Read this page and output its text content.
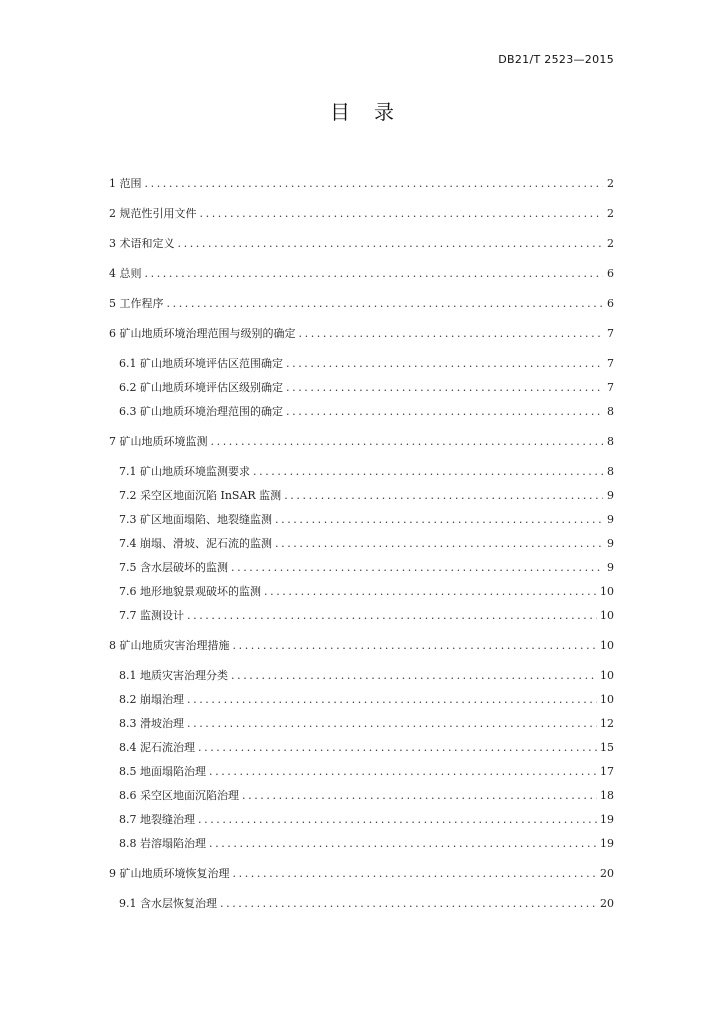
DB21/T 2523—2015
目录
1 范围 .....	2
2 规范性引用文件 .....	2
3 术语和定义 .....	2
4 总则 .....	6
5 工作程序 .....	6
6 矿山地质环境治理范围与级别的确定 .....	7
6.1 矿山地质环境评估区范围确定 .....	7
6.2 矿山地质环境评估区级别确定 .....	7
6.3 矿山地质环境治理范围的确定 .....	8
7 矿山地质环境监测 .....	8
7.1 矿山地质环境监测要求 .....	8
7.2 采空区地面沉陷 InSAR 监测 .....	9
7.3 矿区地面塌陷、地裂缝监测 .....	9
7.4 崩塌、滑坡、泥石流的监测 .....	9
7.5 含水层破坏的监测 .....	9
7.6 地形地貌景观破坏的监测 .....	10
7.7 监测设计 .....	10
8 矿山地质灾害治理措施 .....	10
8.1 地质灾害治理分类 .....	10
8.2 崩塌治理 .....	10
8.3 滑坡治理 .....	12
8.4 泥石流治理 .....	15
8.5 地面塌陷治理 .....	17
8.6 采空区地面沉陷治理 .....	18
8.7 地裂缝治理 .....	19
8.8 岩溶塌陷治理 .....	19
9 矿山地质环境恢复治理 .....	20
9.1 含水层恢复治理 .....	20
